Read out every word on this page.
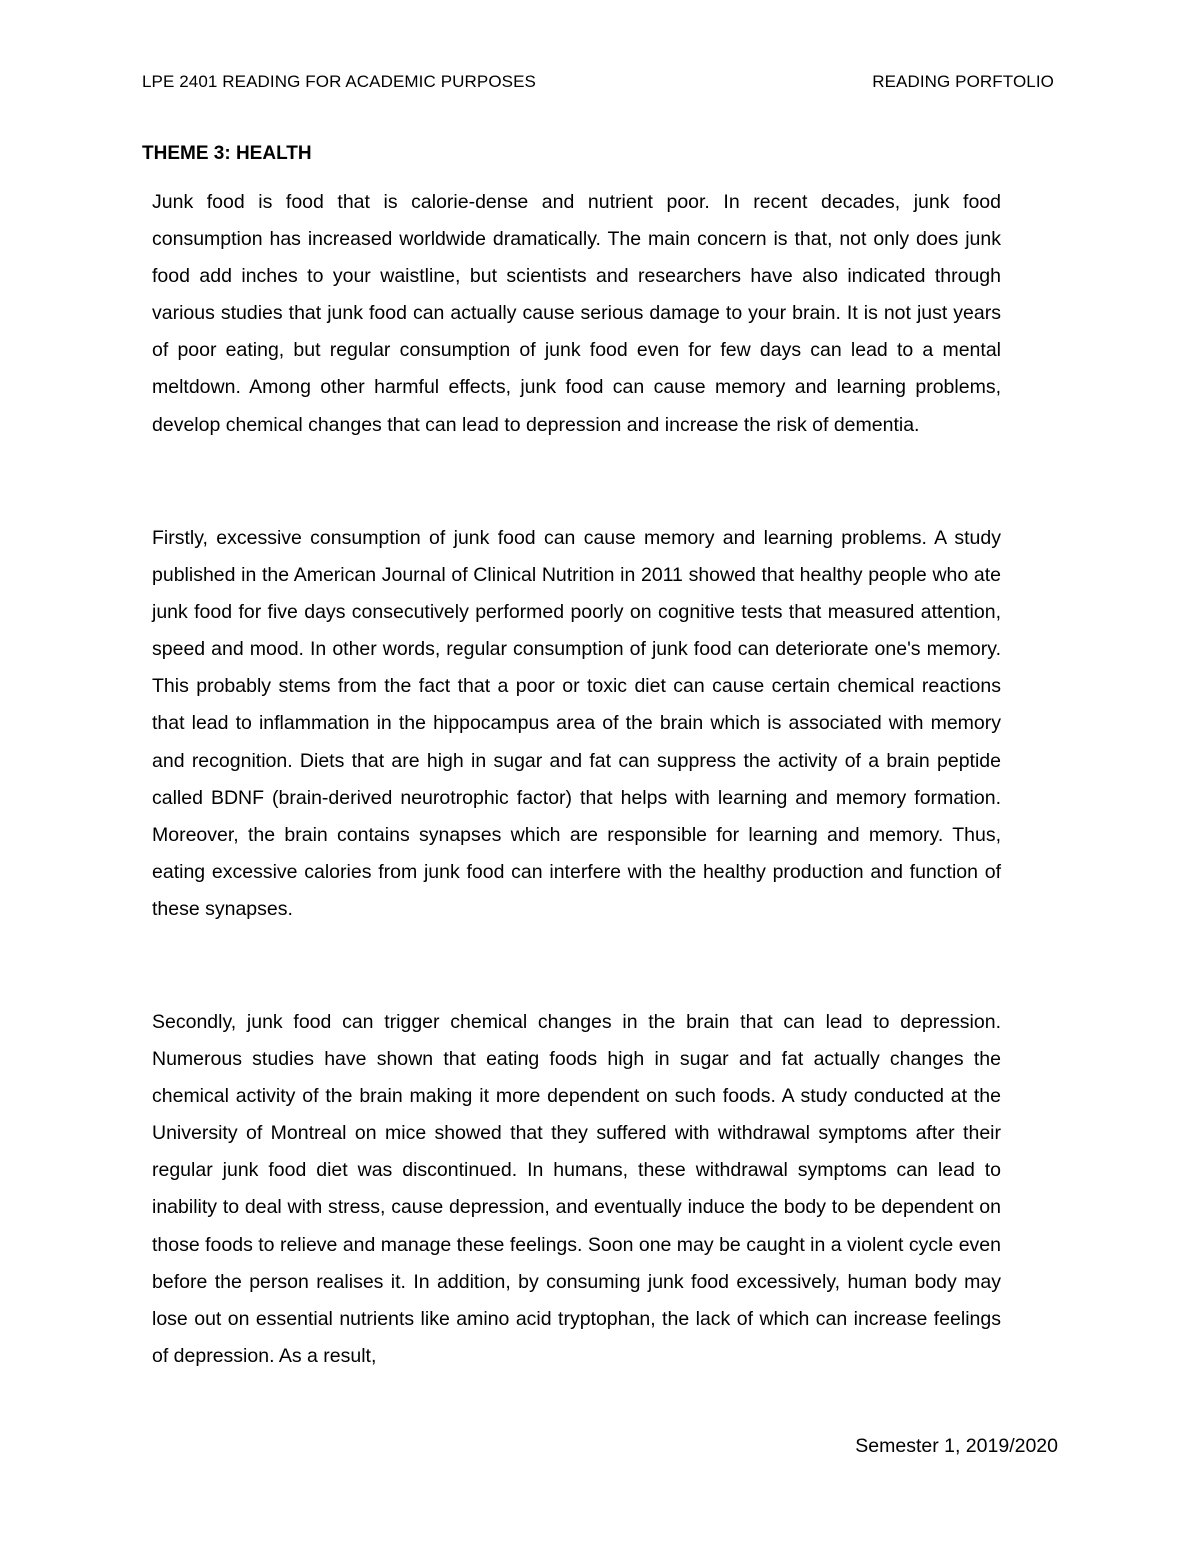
LPE 2401 READING FOR ACADEMIC PURPOSES	READING PORFTOLIO
THEME 3: HEALTH

Junk food is food that is calorie-dense and nutrient poor. In recent decades, junk food consumption has increased worldwide dramatically. The main concern is that, not only does junk food add inches to your waistline, but scientists and researchers have also indicated through various studies that junk food can actually cause serious damage to your brain. It is not just years of poor eating, but regular consumption of junk food even for few days can lead to a mental meltdown. Among other harmful effects, junk food can cause memory and learning problems, develop chemical changes that can lead to depression and increase the risk of dementia.

Firstly, excessive consumption of junk food can cause memory and learning problems. A study published in the American Journal of Clinical Nutrition in 2011 showed that healthy people who ate junk food for five days consecutively performed poorly on cognitive tests that measured attention, speed and mood. In other words, regular consumption of junk food can deteriorate one's memory. This probably stems from the fact that a poor or toxic diet can cause certain chemical reactions that lead to inflammation in the hippocampus area of the brain which is associated with memory and recognition. Diets that are high in sugar and fat can suppress the activity of a brain peptide called BDNF (brain-derived neurotrophic factor) that helps with learning and memory formation. Moreover, the brain contains synapses which are responsible for learning and memory. Thus, eating excessive calories from junk food can interfere with the healthy production and function of these synapses.

Secondly, junk food can trigger chemical changes in the brain that can lead to depression. Numerous studies have shown that eating foods high in sugar and fat actually changes the chemical activity of the brain making it more dependent on such foods. A study conducted at the University of Montreal on mice showed that they suffered with withdrawal symptoms after their regular junk food diet was discontinued. In humans, these withdrawal symptoms can lead to inability to deal with stress, cause depression, and eventually induce the body to be dependent on those foods to relieve and manage these feelings. Soon one may be caught in a violent cycle even before the person realises it. In addition, by consuming junk food excessively, human body may lose out on essential nutrients like amino acid tryptophan, the lack of which can increase feelings of depression. As a result,

Semester 1, 2019/2020
